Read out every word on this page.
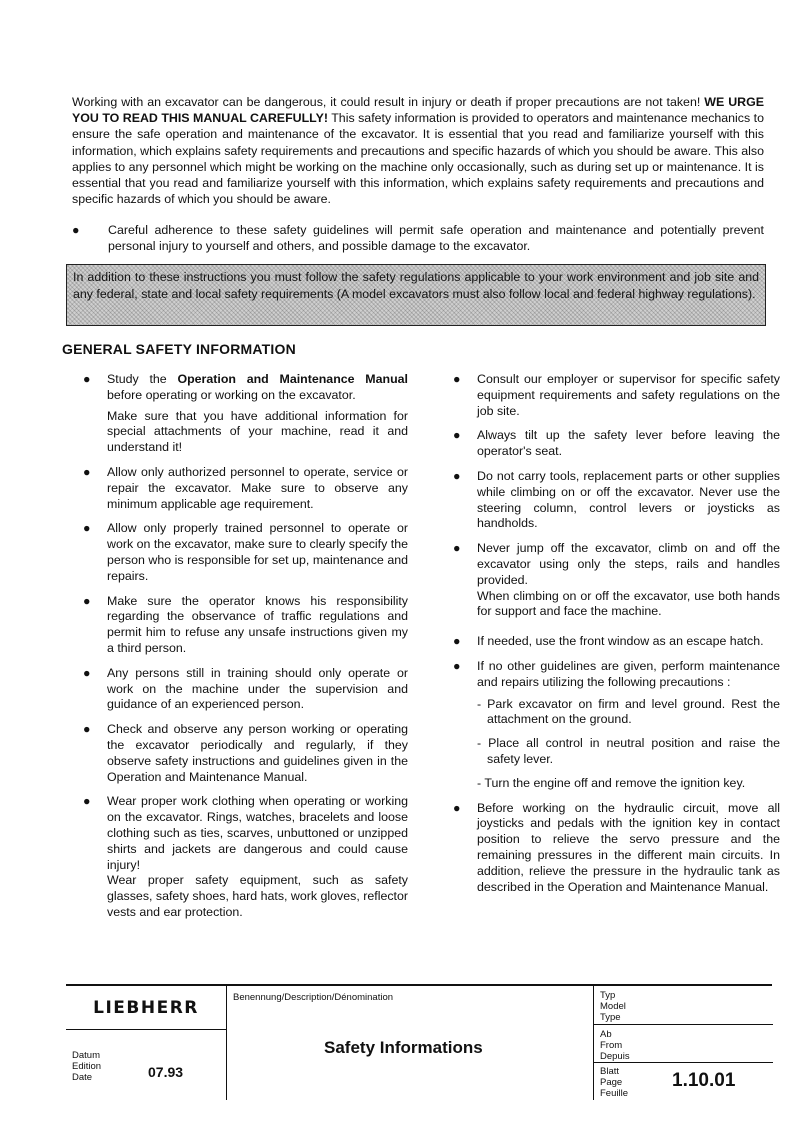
Working with an excavator can be dangerous, it could result in injury or death if proper precautions are not taken! WE URGE YOU TO READ THIS MANUAL CAREFULLY! This safety information is provided to operators and maintenance mechanics to ensure the safe operation and maintenance of the excavator. It is essential that you read and familiarize yourself with this information, which explains safety requirements and precautions and specific hazards of which you should be aware. This also applies to any personnel which might be working on the machine only occasionally, such as during set up or maintenance. It is essential that you read and familiarize yourself with this information, which explains safety requirements and precautions and specific hazards of which you should be aware.
● Careful adherence to these safety guidelines will permit safe operation and maintenance and potentially prevent personal injury to yourself and others, and possible damage to the excavator.
In addition to these instructions you must follow the safety regulations applicable to your work environment and job site and any federal, state and local safety requirements (A model excavators must also follow local and federal highway regulations).
GENERAL SAFETY INFORMATION
● Study the Operation and Maintenance Manual before operating or working on the excavator.

Make sure that you have additional information for special attachments of your machine, read it and understand it!

● Allow only authorized personnel to operate, service or repair the excavator. Make sure to observe any minimum applicable age requirement.

● Allow only properly trained personnel to operate or work on the excavator, make sure to clearly specify the person who is responsible for set up, maintenance and repairs.

● Make sure the operator knows his responsibility regarding the observance of traffic regulations and permit him to refuse any unsafe instructions given my a third person.

● Any persons still in training should only operate or work on the machine under the supervision and guidance of an experienced person.

● Check and observe any person working or operating the excavator periodically and regularly, if they observe safety instructions and guidelines given in the Operation and Maintenance Manual.

● Wear proper work clothing when operating or working on the excavator. Rings, watches, bracelets and loose clothing such as ties, scarves, unbuttoned or unzipped shirts and jackets are dangerous and could cause injury!

Wear proper safety equipment, such as safety glasses, safety shoes, hard hats, work gloves, reflector vests and ear protection.

● Consult our employer or supervisor for specific safety equipment requirements and safety regulations on the job site.

● Always tilt up the safety lever before leaving the operator's seat.

● Do not carry tools, replacement parts or other supplies while climbing on or off the excavator. Never use the steering column, control levers or joysticks as handholds.

● Never jump off the excavator, climb on and off the excavator using only the steps, rails and handles provided.

When climbing on or off the excavator, use both hands for support and face the machine.

● If needed, use the front window as an escape hatch.

● If no other guidelines are given, perform maintenance and repairs utilizing the following precautions :

- Park excavator on firm and level ground. Rest the attachment on the ground.

- Place all control in neutral position and raise the safety lever.

- Turn the engine off and remove the ignition key.

● Before working on the hydraulic circuit, move all joysticks and pedals with the ignition key in contact position to relieve the servo pressure and the remaining pressures in the different main circuits. In addition, relieve the pressure in the hydraulic tank as described in the Operation and Maintenance Manual.

LIEBHERR
Datum
Edition
Date	07.93
Benennung/Description/Dénomination
Safety Informations
Typ
Model
Type
Ab
From
Depuis
Blatt
Page
Feuille
1.10.01
